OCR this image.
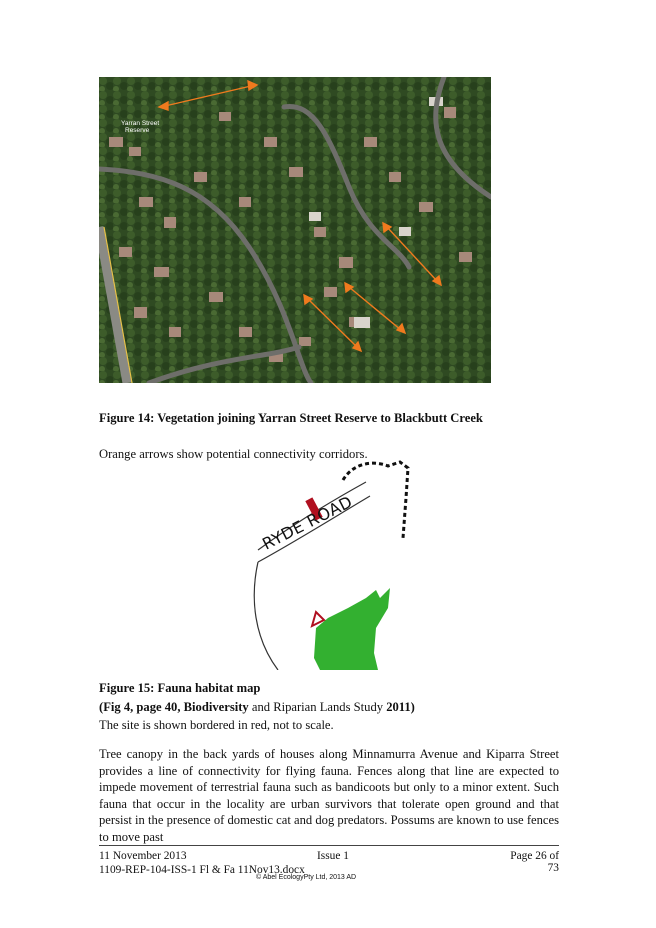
Yarran Street
Reserve
Figure 14: Vegetation joining Yarran Street Reserve to Blackbutt Creek
Orange arrows show potential connectivity corridors.
RYDE ROAD
Figure 15: Fauna habitat map
(Fig 4, page 40, Biodiversity and Riparian Lands Study 2011)
The site is shown bordered in red, not to scale.
Tree canopy in the back yards of houses along Minnamurra Avenue and Kiparra Street provides a line of connectivity for flying fauna. Fences along that line are expected to impede movement of terrestrial fauna such as bandicoots but only to a minor extent. Such fauna that occur in the locality are urban survivors that tolerate open ground and that persist in the presence of domestic cat and dog predators. Possums are known to use fences to move past
11 November 2013	Issue 1	Page 26 of 73
1109-REP-104-ISS-1 Fl & Fa 11Nov13.docx
© Abel EcologyPty Ltd, 2013 AD
